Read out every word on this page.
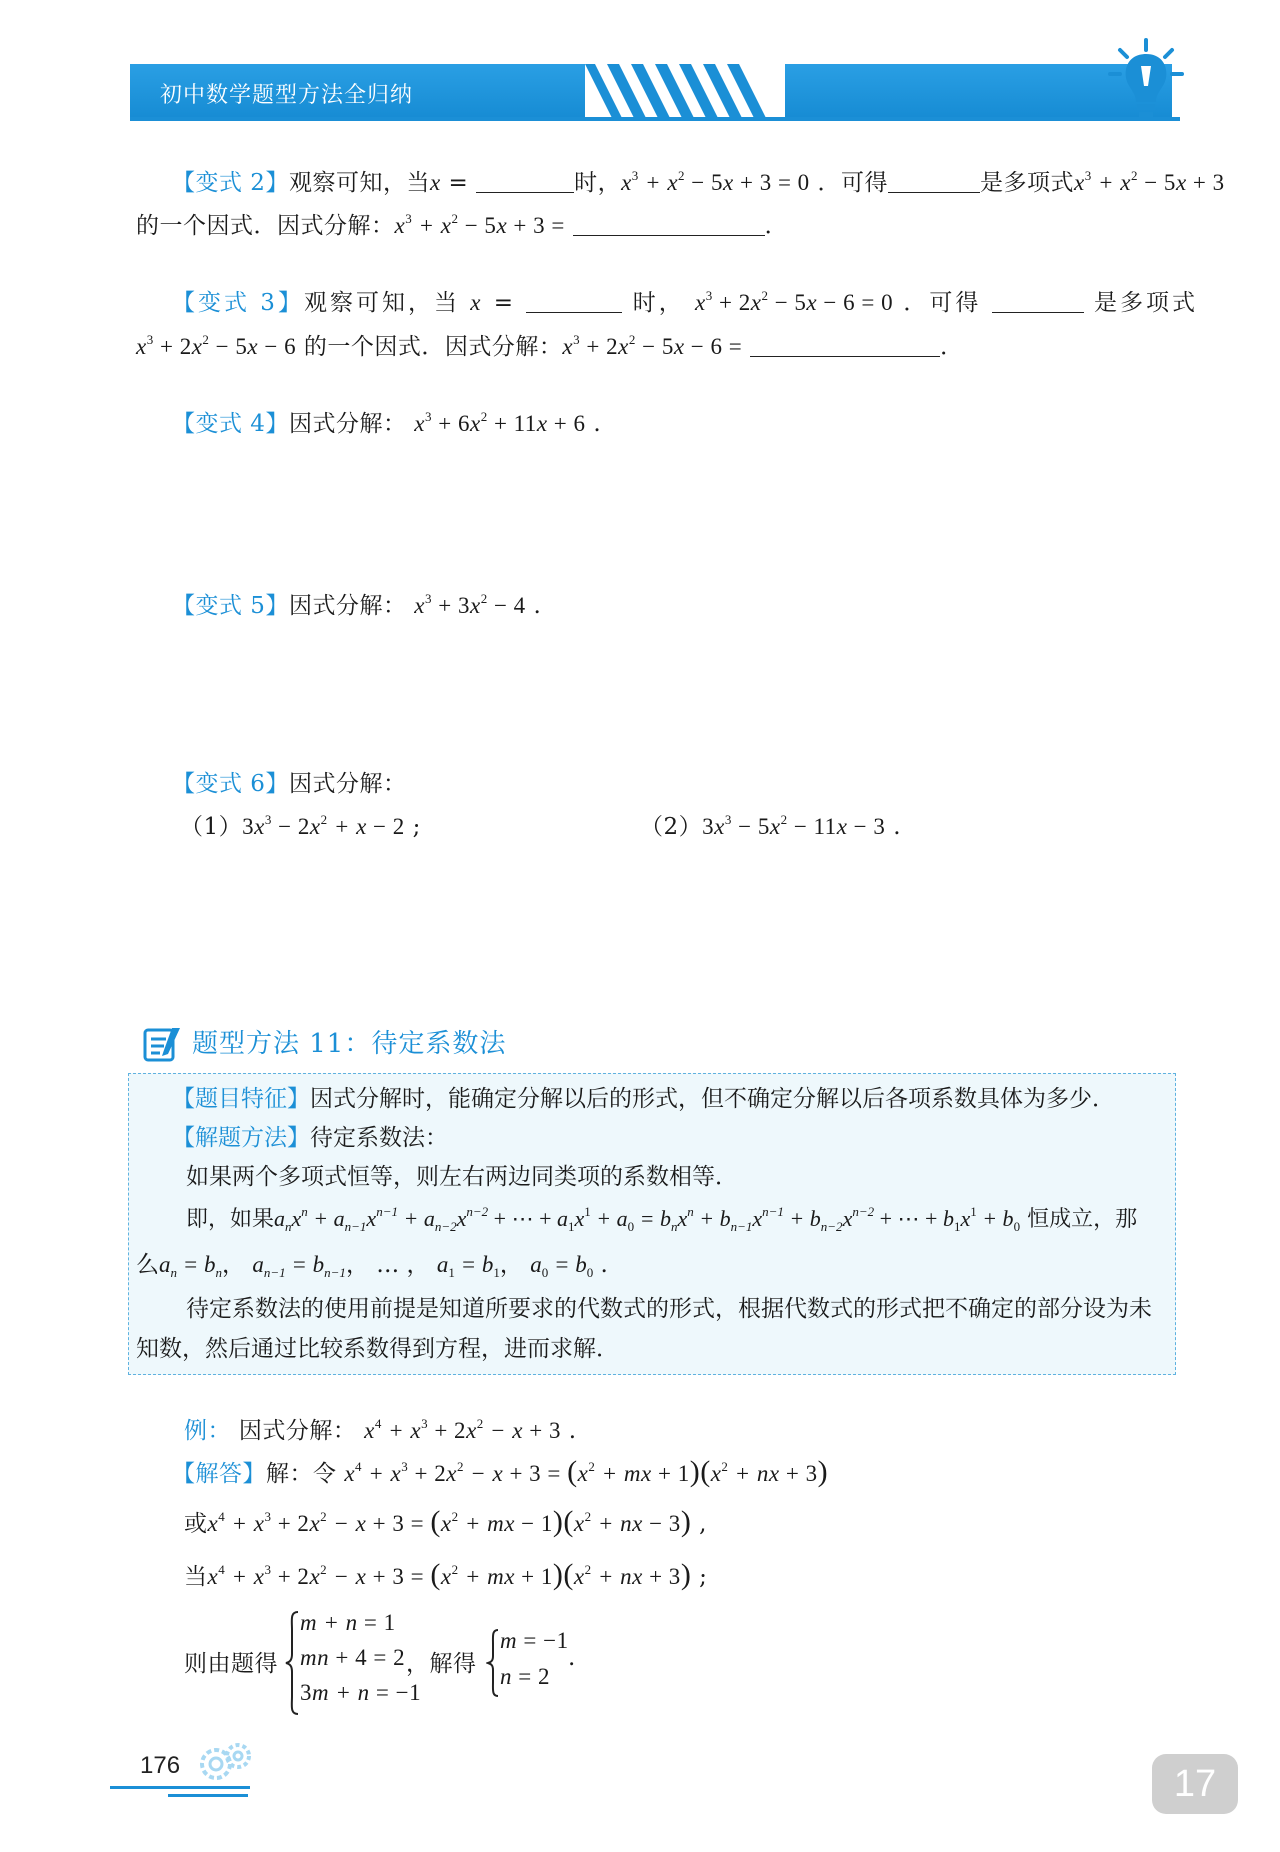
初中数学题型方法全归纳
【变式 2】观察可知，当x =	时，$x^3 + x^2 - 5x + 3 = 0$ ．可得	是多项式$x^3 + x^2 - 5x + 3$
的一个因式．因式分解：$x^3 + x^2 - 5x + 3$ =	．
【变式 3】观察可知，当 x =	时， $x^3 + 2x^2 - 5x - 6 = 0$ ．可得	是多项式
$x^3 + 2x^2 - 5x - 6$ 的一个因式．因式分解：$x^3 + 2x^2 - 5x - 6$ =	．
【变式 4】因式分解： $x^3 + 6x^2 + 11x + 6$ .
【变式 5】因式分解： $x^3 + 3x^2 - 4$ .
【变式 6】因式分解：
$(1)3x^3 - 2x^2 + x - 2$ ;	$(2)3x^3 - 5x^2 - 11x - 3$ .
题型方法 11：待定系数法
【题目特征】因式分解时，能确定分解以后的形式，但不确定分解以后各项系数具体为多少．
【解题方法】待定系数法：
如果两个多项式恒等，则左右两边同类项的系数相等．
即，如果$a_nx^n + a_{n-1}x^{n-1} + a_{n-2}x^{n-2}$ + ⋯ + $a_1x^1 + a_0 = b_nx^n + b_{n-1}x^{n-1} + b_{n-2}x^{n-2}$ + ⋯ + $b_1x^1 + b_0$ 恒成立，那
么$a_n = b_n$， $a_{n-1} = b_{n-1}$， … ， $a_1 = b_1$， $a_0 = b_0$ .
待定系数法的使用前提是知道所要求的代数式的形式，根据代数式的形式把不确定的部分设为未
知数，然后通过比较系数得到方程，进而求解．
例： 因式分解： $x^4 + x^3 + 2x^2 - x + 3$ .
【解答】解：令 $x^4 + x^3 + 2x^2 - x + 3 = (x^2$ + mx + $1)(x^2$ + nx + 3)
或$x^4 + x^3 + 2x^2 - x + 3 = (x^2$ + mx − $1)(x^2$ + nx − 3) ,
当$x^4 + x^3 + 2x^2 - x + 3 = (x^2$ + mx + $1)(x^2$ + nx + 3) ;
则由题得
m + n = 1
mn + 4 = 2
3m + n = −1
，解得
m = −1
n = 2
.
176	17
